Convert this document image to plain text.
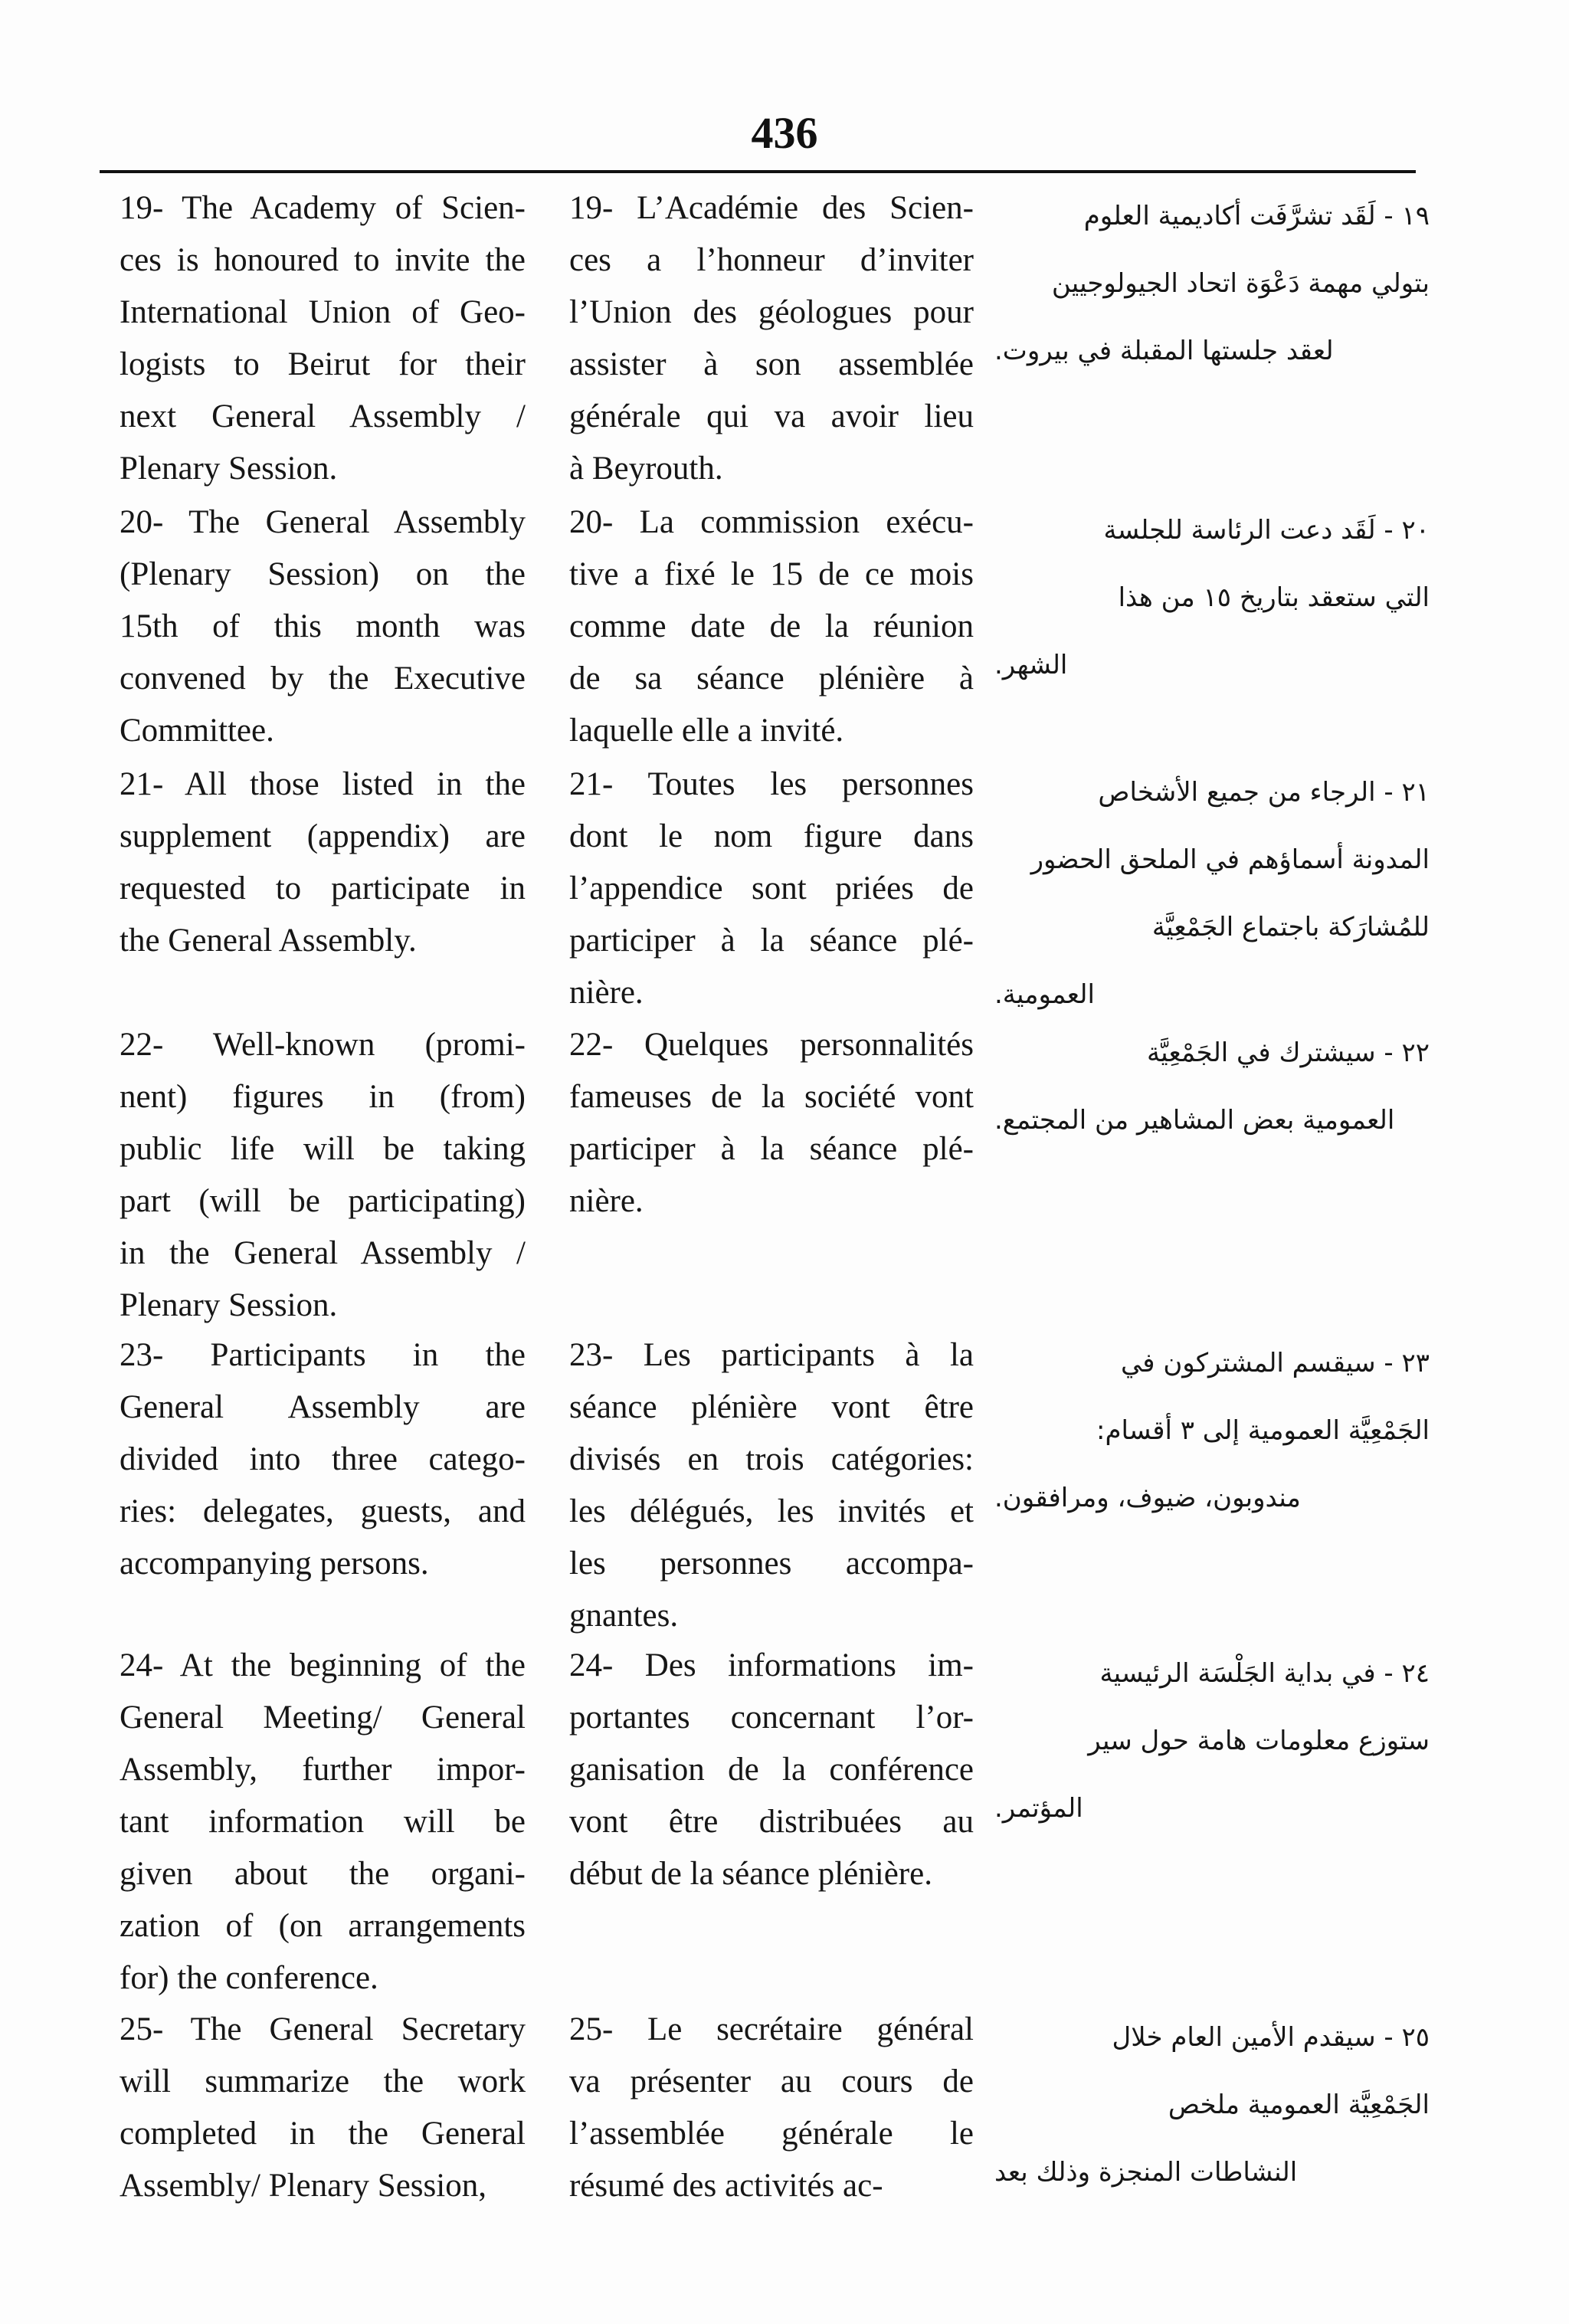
436
19- The Academy of Scien-
ces is honoured to invite the
International Union of Geo-
logists to Beirut for their
next General Assembly /
Plenary Session.
19- L’Académie des Scien-
ces a l’honneur d’inviter
l’Union des géologues pour
assister à son assemblée
générale qui va avoir lieu
à Beyrouth.
١٩ - لَقَد تشرَّفَت أكاديمية العلوم
بتولي مهمة دَعْوَة اتحاد الجيولوجيين
لعقد جلستها المقبلة في بيروت.
20- The General Assembly
(Plenary Session) on the
15th of this month was
convened by the Executive
Committee.
20- La commission exécu-
tive a fixé le 15 de ce mois
comme date de la réunion
de sa séance plénière à
laquelle elle a invité.
٢٠ - لَقَد دعت الرئاسة للجلسة
التي ستعقد بتاريخ ١٥ من هذا
الشهر.
21- All those listed in the
supplement (appendix) are
requested to participate in
the General Assembly.
21- Toutes les personnes
dont le nom figure dans
l’appendice sont priées de
participer à la séance plé-
nière.
٢١ - الرجاء من جميع الأشخاص
المدونة أسماؤهم في الملحق الحضور
للمُشارَكة باجتماع الجَمْعِيَّة
العمومية.
22- Well-known (promi-
nent) figures in (from)
public life will be taking
part (will be participating)
in the General Assembly /
Plenary Session.
22- Quelques personnalités
fameuses de la société vont
participer à la séance plé-
nière.
٢٢ - سيشترك في الجَمْعِيَّة
العمومية بعض المشاهير من المجتمع.
23- Participants in the
General Assembly are
divided into three catego-
ries: delegates, guests, and
accompanying persons.
23- Les participants à la
séance plénière vont être
divisés en trois catégories:
les délégués, les invités et
les personnes accompa-
gnantes.
٢٣ - سيقسم المشتركون في
الجَمْعِيَّة العمومية إلى ٣ أقسام:
مندوبون، ضيوف، ومرافقون.
24- At the beginning of the
General Meeting/ General
Assembly, further impor-
tant information will be
given about the organi-
zation of (on arrangements
for) the conference.
24- Des informations im-
portantes concernant l’or-
ganisation de la conférence
vont être distribuées au
début de la séance plénière.
٢٤ - في بداية الجَلْسَة الرئيسية
ستوزع معلومات هامة حول سير
المؤتمر.
25- The General Secretary
will summarize the work
completed in the General
Assembly/ Plenary Session,
25- Le secrétaire général
va présenter au cours de
l’assemblée générale le
résumé des activités ac-
٢٥ - سيقدم الأمين العام خلال
الجَمْعِيَّة العمومية ملخص
النشاطات المنجزة وذلك بعد
